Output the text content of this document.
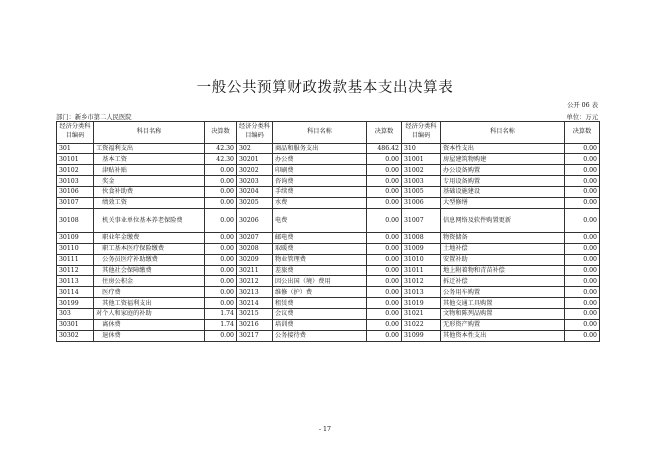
一般公共预算财政拨款基本支出决算表
公开 06 表
部门：新乡市第二人民医院	单位：万元
经济分类科目编码	科目名称	决算数	经济分类科目编码	科目名称	决算数	经济分类科目编码	科目名称	决算数
301	工资福利支出	42.30	302	商品和服务支出	486.42	310	资本性支出	0.00
30101	　基本工资	42.30	30201	办公费	0.00	31001	房屋建筑物购建	0.00
30102	　津贴补贴	0.00	30202	印刷费	0.00	31002	办公设备购置	0.00
30103	　奖金	0.00	30203	咨询费	0.00	31003	专用设备购置	0.00
30106	　伙食补助费	0.00	30204	手续费	0.00	31005	基础设施建设	0.00
30107	　绩效工资	0.00	30205	水费	0.00	31006	大型修缮	0.00
30108	　机关事业单位基本养老保险费	0.00	30206	电费	0.00	31007	信息网络及软件购置更新	0.00
30109	　职业年金缴费	0.00	30207	邮电费	0.00	31008	物资储备	0.00
30110	　职工基本医疗保险缴费	0.00	30208	取暖费	0.00	31009	土地补偿	0.00
30111	　公务员医疗补助缴费	0.00	30209	物业管理费	0.00	31010	安置补助	0.00
30112	　其他社会保障缴费	0.00	30211	差旅费	0.00	31011	地上附着物和青苗补偿	0.00
30113	　住房公积金	0.00	30212	因公出国（境）费用	0.00	31012	拆迁补偿	0.00
30114	　医疗费	0.00	30213	维修（护）费	0.00	31013	公务用车购置	0.00
30199	　其他工资福利支出	0.00	30214	租赁费	0.00	31019	其他交通工具购置	0.00
303	对个人和家庭的补助	1.74	30215	会议费	0.00	31021	文物和陈列品购置	0.00
30301	　离休费	1.74	30216	培训费	0.00	31022	无形资产购置	0.00
30302	　退休费	0.00	30217	公务接待费	0.00	31099	其他资本性支出	0.00
- 17
